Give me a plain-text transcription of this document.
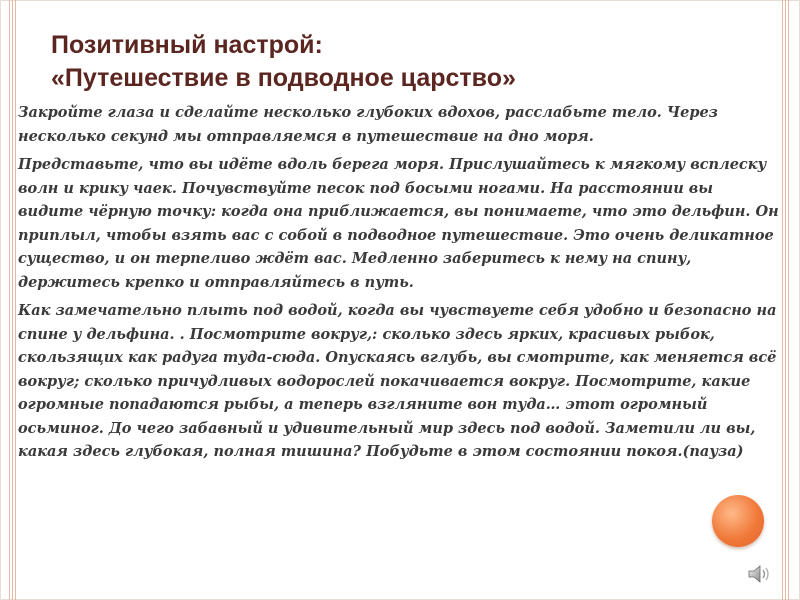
Позитивный настрой:
«Путешествие в подводное царство»

Закройте глаза и сделайте несколько глубоких вдохов, расслабьте тело. Через несколько секунд мы отправляемся в путешествие на дно моря.

Представьте, что вы идёте вдоль берега моря. Прислушайтесь к мягкому всплеску волн и крику чаек. Почувствуйте песок под босыми ногами. На расстоянии вы видите чёрную точку: когда она приближается, вы понимаете, что это дельфин. Он приплыл, чтобы взять вас с собой в подводное путешествие. Это очень деликатное существо, и он терпеливо ждёт вас. Медленно заберитесь к нему на спину, держитесь крепко и отправляйтесь в путь.

Как замечательно плыть под водой, когда вы чувствуете себя удобно и безопасно на спине у дельфина. . Посмотрите вокруг,: сколько здесь ярких, красивых рыбок, скользящих как радуга туда-сюда. Опускаясь вглубь, вы смотрите, как меняется всё вокруг; сколько причудливых водорослей покачивается вокруг. Посмотрите, какие огромные попадаются рыбы, а теперь взгляните вон туда… этот огромный осьминог. До чего забавный и удивительный мир здесь под водой. Заметили ли вы, какая здесь глубокая, полная тишина? Побудьте в этом состоянии покоя.(пауза)
